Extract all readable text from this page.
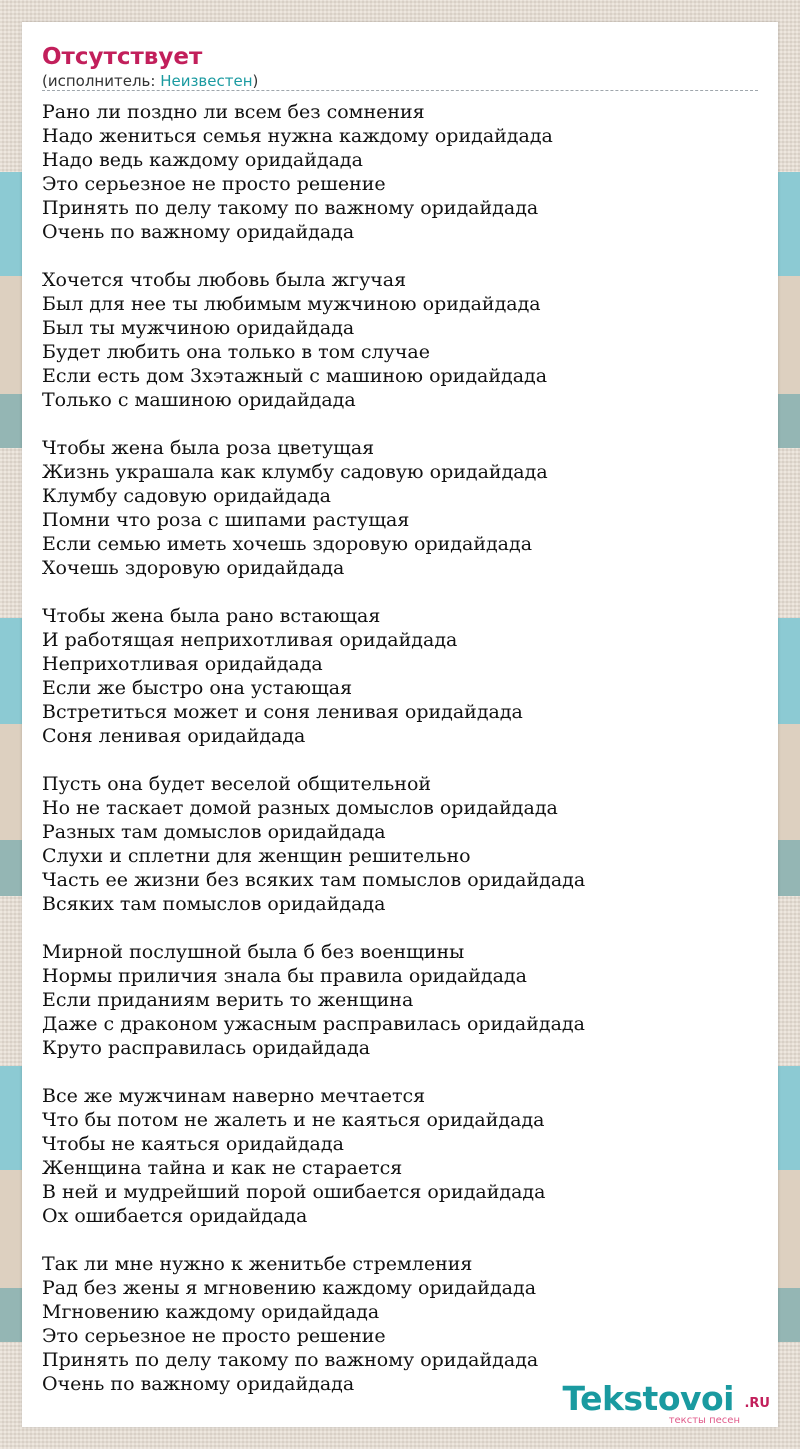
Отсутствует
(исполнитель: Неизвестен)
Рано ли поздно ли всем без сомнения
Надо жениться семья нужна каждому оридайдада
Надо ведь каждому оридайдада
Это серьезное не просто решение
Принять по делу такому по важному оридайдада
Очень по важному оридайдада
Хочется чтобы любовь была жгучая
Был для нее ты любимым мужчиною оридайдада
Был ты мужчиною оридайдада
Будет любить она только в том случае
Если есть дом 3хэтажный с машиною оридайдада
Только с машиною оридайдада
Чтобы жена была роза цветущая
Жизнь украшала как клумбу садовую оридайдада
Клумбу садовую оридайдада
Помни что роза с шипами растущая
Если семью иметь хочешь здоровую оридайдада
Хочешь здоровую оридайдада
Чтобы жена была рано встающая
И работящая неприхотливая оридайдада
Неприхотливая оридайдада
Если же быстро она устающая
Встретиться может и соня ленивая оридайдада
Соня ленивая оридайдада
Пусть она будет веселой общительной
Но не таскает домой разных домыслов оридайдада
Разных там домыслов оридайдада
Слухи и сплетни для женщин решительно
Часть ее жизни без всяких там помыслов оридайдада
Всяких там помыслов оридайдада
Мирной послушной была б без военщины
Нормы приличия знала бы правила оридайдада
Если приданиям верить то женщина
Даже с драконом ужасным расправилась оридайдада
Круто расправилась оридайдада
Все же мужчинам наверно мечтается
Что бы потом не жалеть и не каяться оридайдада
Чтобы не каяться оридайдада
Женщина тайна и как не старается
В ней и мудрейший порой ошибается оридайдада
Ох ошибается оридайдада
Так ли мне нужно к женитьбе стремления
Рад без жены я мгновению каждому оридайдада
Мгновению каждому оридайдада
Это серьезное не просто решение
Принять по делу такому по важному оридайдада
Очень по важному оридайдада	Tekstovoi .RU
тексты песен
